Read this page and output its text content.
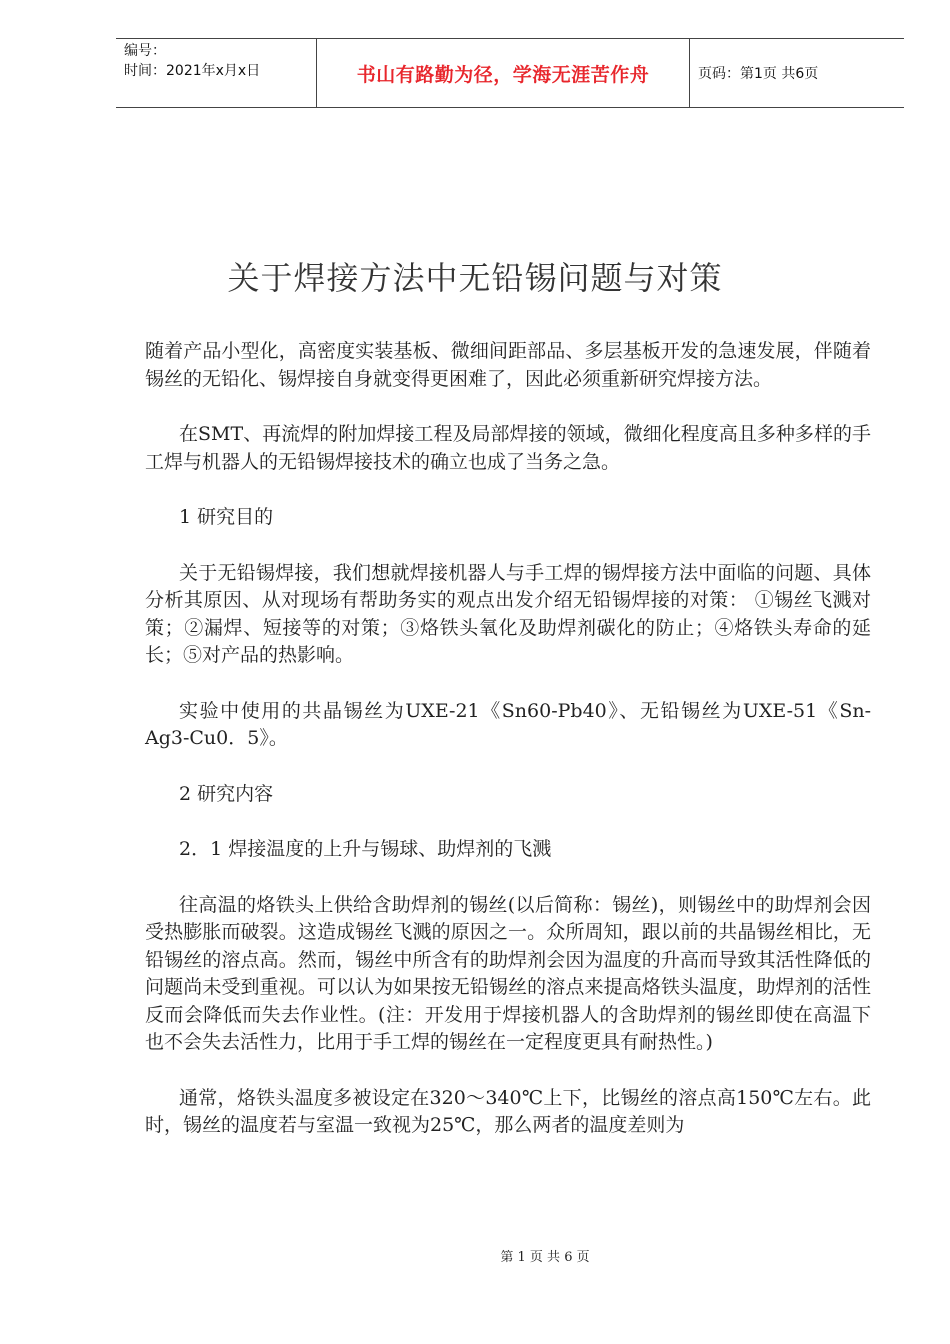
编号：
时间：2021年x月x日	书山有路勤为径，学海无涯苦作舟	页码：第1页 共6页
关于焊接方法中无铅锡问题与对策

随着产品小型化，高密度实装基板、微细间距部品、多层基板开发的急速发展，伴随着锡丝的无铅化、锡焊接自身就变得更困难了，因此必须重新研究焊接方法。

在SMT、再流焊的附加焊接工程及局部焊接的领域，微细化程度高且多种多样的手工焊与机器人的无铅锡焊接技术的确立也成了当务之急。

1 研究目的

关于无铅锡焊接，我们想就焊接机器人与手工焊的锡焊接方法中面临的问题、具体分析其原因、从对现场有帮助务实的观点出发介绍无铅锡焊接的对策： ①锡丝飞溅对策；②漏焊、短接等的对策；③烙铁头氧化及助焊剂碳化的防止；④烙铁头寿命的延长；⑤对产品的热影响。

实验中使用的共晶锡丝为UXE-21《Sn60-Pb40》、无铅锡丝为UXE-51《Sn-Ag3-Cu0．5》。

2 研究内容

2．1 焊接温度的上升与锡球、助焊剂的飞溅

往高温的烙铁头上供给含助焊剂的锡丝(以后简称：锡丝)，则锡丝中的助焊剂会因受热膨胀而破裂。这造成锡丝飞溅的原因之一。众所周知，跟以前的共晶锡丝相比，无铅锡丝的溶点高。然而，锡丝中所含有的助焊剂会因为温度的升高而导致其活性降低的问题尚未受到重视。可以认为如果按无铅锡丝的溶点来提高烙铁头温度，助焊剂的活性反而会降低而失去作业性。(注：开发用于焊接机器人的含助焊剂的锡丝即使在高温下也不会失去活性力，比用于手工焊的锡丝在一定程度更具有耐热性。)

通常，烙铁头温度多被设定在320～340℃上下，比锡丝的溶点高150℃左右。此时，锡丝的温度若与室温一致视为25℃，那么两者的温度差则为

第 1 页 共 6 页
